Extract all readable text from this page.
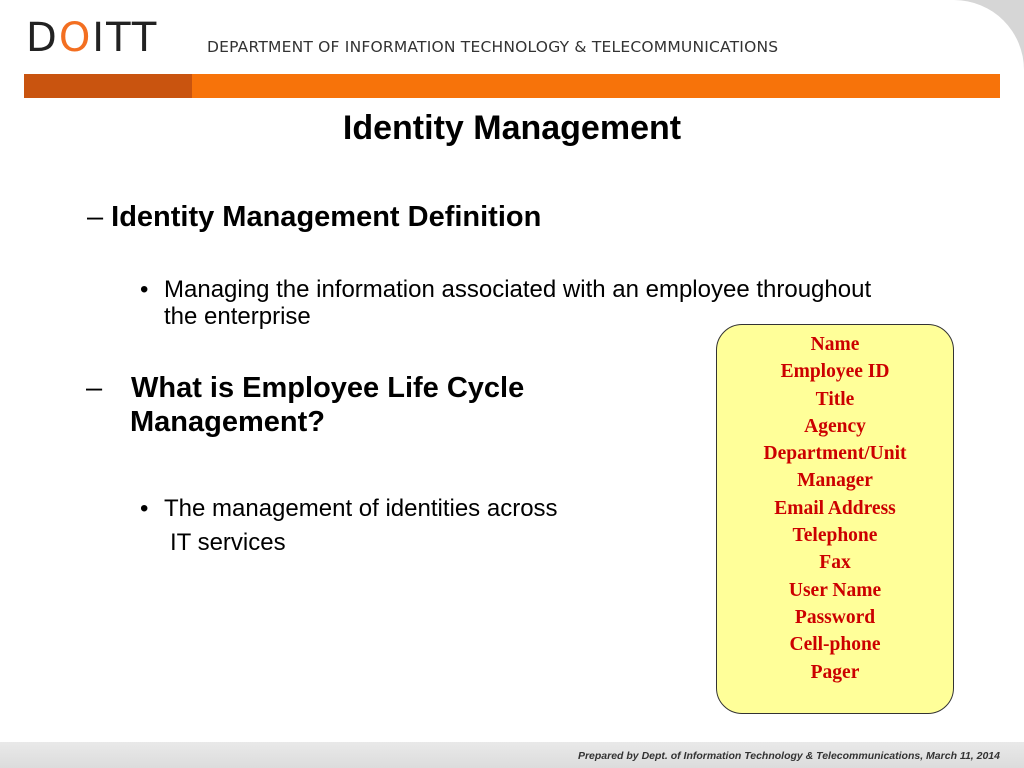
DOITT	DEPARTMENT OF INFORMATION TECHNOLOGY & TELECOMMUNICATIONS
Identity Management
– Identity Management Definition
• Managing the information associated with an employee throughout the enterprise
– What is Employee Life Cycle
Management?
• The management of identities across
IT services
Name
Employee ID
Title
Agency
Department/Unit
Manager
Email Address
Telephone
Fax
User Name
Password
Cell-phone
Pager
Prepared by Dept. of Information Technology & Telecommunications, March 11, 2014
